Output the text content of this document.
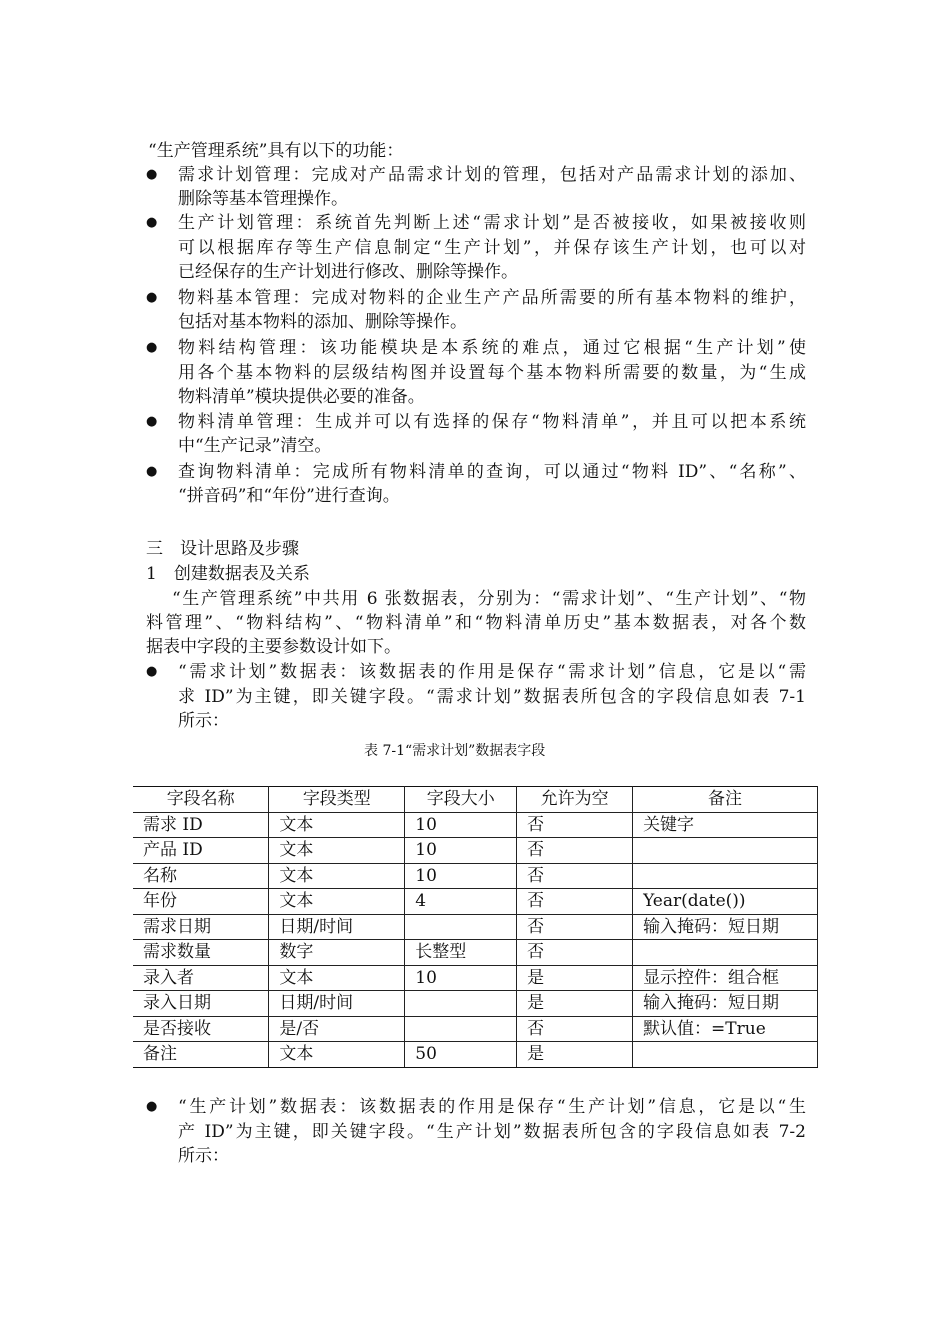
“生产管理系统”具有以下的功能：
● 需求计划管理：完成对产品需求计划的管理，包括对产品需求计划的添加、
删除等基本管理操作。
● 生产计划管理：系统首先判断上述“需求计划”是否被接收，如果被接收则
可以根据库存等生产信息制定“生产计划”，并保存该生产计划，也可以对
已经保存的生产计划进行修改、删除等操作。
● 物料基本管理：完成对物料的企业生产产品所需要的所有基本物料的维护，
包括对基本物料的添加、删除等操作。
● 物料结构管理：该功能模块是本系统的难点，通过它根据“生产计划”使
用各个基本物料的层级结构图并设置每个基本物料所需要的数量，为“生成
物料清单”模块提供必要的准备。
● 物料清单管理：生成并可以有选择的保存“物料清单”，并且可以把本系统
中“生产记录”清空。
● 查询物料清单：完成所有物料清单的查询，可以通过“物料 ID”、“名称”、
“拼音码”和“年份”进行查询。
三　设计思路及步骤
1　创建数据表及关系
“生产管理系统”中共用 6 张数据表，分别为：“需求计划”、“生产计划”、“物
料管理”、“物料结构”、“物料清单”和“物料清单历史”基本数据表，对各个数
据表中字段的主要参数设计如下。
● “需求计划”数据表：该数据表的作用是保存“需求计划”信息，它是以“需
求 ID”为主键，即关键字段。“需求计划”数据表所包含的字段信息如表 7-1
所示：
表 7-1“需求计划”数据表字段
字段名称	字段类型	字段大小	允许为空	备注
需求 ID	文本	10	否	关键字
产品 ID	文本	10	否	
名称	文本	10	否	
年份	文本	4	否	Year(date())
需求日期	日期/时间		否	输入掩码：短日期
需求数量	数字	长整型	否	
录入者	文本	10	是	显示控件：组合框
录入日期	日期/时间		是	输入掩码：短日期
是否接收	是/否		否	默认值：=True
备注	文本	50	是	
● “生产计划”数据表：该数据表的作用是保存“生产计划”信息，它是以“生
产 ID”为主键，即关键字段。“生产计划”数据表所包含的字段信息如表 7-2
所示：
